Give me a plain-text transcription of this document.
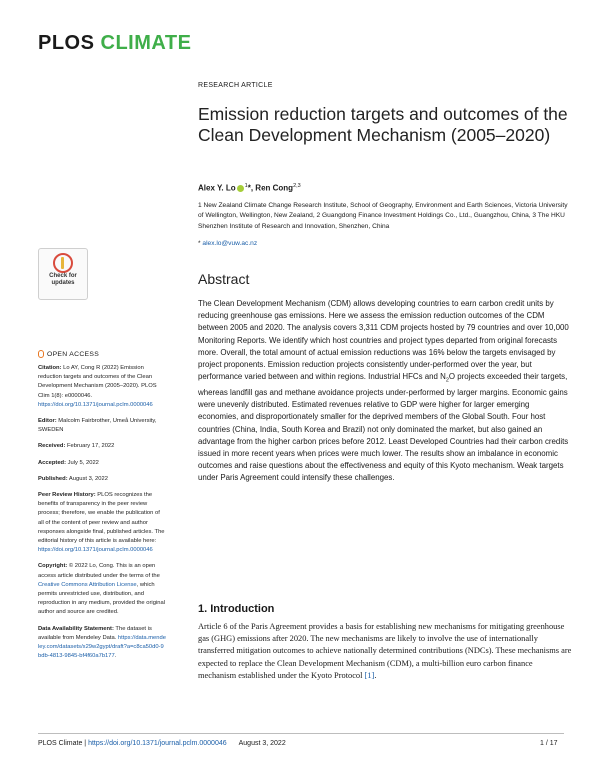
PLOS CLIMATE
RESEARCH ARTICLE
Emission reduction targets and outcomes of the Clean Development Mechanism (2005–2020)
Alex Y. Lo $^1$*, Ren Cong$^{2,3}$
1 New Zealand Climate Change Research Institute, School of Geography, Environment and Earth Sciences, Victoria University of Wellington, Wellington, New Zealand, 2 Guangdong Finance Investment Holdings Co., Ltd., Guangzhou, China, 3 The HKU Shenzhen Institute of Research and Innovation, Shenzhen, China
* alex.lo@vuw.ac.nz
Check for
updates
OPEN ACCESS

Citation: Lo AY, Cong R (2022) Emission reduction targets and outcomes of the Clean Development Mechanism (2005–2020). PLOS Clim 1(8): e0000046. https://doi.org/10.1371/journal.pclm.0000046

Editor: Malcolm Fairbrother, Umeå University, SWEDEN

Received: February 17, 2022

Accepted: July 5, 2022

Published: August 3, 2022

Peer Review History: PLOS recognizes the benefits of transparency in the peer review process; therefore, we enable the publication of all of the content of peer review and author responses alongside final, published articles. The editorial history of this article is available here: https://doi.org/10.1371/journal.pclm.0000046

Copyright: © 2022 Lo, Cong. This is an open access article distributed under the terms of the Creative Commons Attribution License, which permits unrestricted use, distribution, and reproduction in any medium, provided the original author and source are credited.

Data Availability Statement: The dataset is available from Mendeley Data. https://data.mendeley.com/datasets/x29w2gypt/draft?a=c8ca50d0-9bdb-4813-9845-bf4f60a7b177.

Abstract
The Clean Development Mechanism (CDM) allows developing countries to earn carbon credit units by reducing greenhouse gas emissions. Here we assess the emission reduction outcomes of the CDM between 2005 and 2020. The analysis covers 3,311 CDM projects hosted by 79 countries and over 10,000 Monitoring Reports. We identify which host countries and project types departed from original forecasts more. Overall, the total amount of actual emission reductions was 16% below the targets envisaged by project proponents. Emission reduction projects consistently under-performed over the year, but performance varied between and within regions. Industrial HFCs and $N_2O$ projects exceeded their targets, whereas landfill gas and methane avoidance projects under-performed by larger margins. Economic gains were unevenly distributed. Estimated revenues relative to GDP were higher for larger emerging economies, and disproportionately smaller for the deprived members of the Global South. Four host countries (China, India, South Korea and Brazil) not only dominated the market, but also gained an advantage from the higher carbon prices before 2012. Least Developed Countries had their carbon credits issued in more recent years when prices were much lower. The results show an imbalance in economic outcomes and raise questions about the effectiveness and equity of this Kyoto mechanism. Weak targets under Paris Agreement could intensify these challenges.
1. Introduction
Article 6 of the Paris Agreement provides a basis for establishing new mechanisms for mitigating greenhouse gas (GHG) emissions after 2020. The new mechanisms are likely to involve the use of internationally transferred mitigation outcomes to achieve nationally determined contributions (NDCs). These mechanisms are expected to replace the Clean Development Mechanism (CDM), a multi-billion euro carbon finance mechanism established under the Kyoto Protocol [1].
PLOS Climate | https://doi.org/10.1371/journal.pclm.0000046 August 3, 2022	1 / 17
